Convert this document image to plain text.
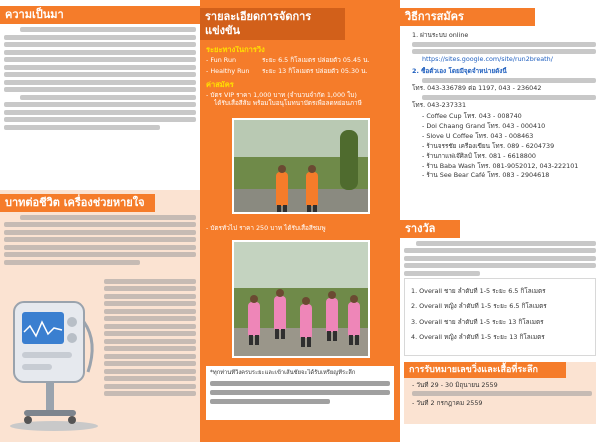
ความเป็นมา
บาทต่อชีวิต เครื่องช่วยหายใจ
รายละเอียดการจัดการแข่งขัน
ระยะทางในการวิ่ง
- Fun Run	ระยะ 6.5 กิโลเมตร ปล่อยตัว 05.45 น.
- Healthy Run ระยะ 13 กิโลเมตร ปล่อยตัว 05.30 น.
ค่าสมัคร
- บัตร VIP ราคา 1,000 บาท (จำนวนจำกัด 1,000 ใบ)
ได้รับเสื้อสีส้ม พร้อมใบอนุโมทนาบัตรเพื่อลดหย่อนภาษี
- บัตรทั่วไป ราคา 250 บาท ได้รับเสื้อสีชมพู
*ทุกท่านที่วิ่งครบระยะและเข้าเส้นชัยจะได้รับเหรียญที่ระลึก
วิธีการสมัคร
1. ผ่านระบบ online
https://sites.google.com/site/run2breath/
2. ซื้อตั๋วเอง โดยมีจุดจำหน่ายดังนี้
โทร. 043-336789 ต่อ 1197, 043 - 236042
โทร. 043-237331
- Coffee Cup โทร. 043 - 008740
- Doi Chaang Grand โทร. 043 - 000410
- Slove U Coffee โทร. 043 - 008463
- ร้านจรรชัย เครื่องเขียน โทร. 089 - 6204739
- ร้านกาแฟเจ๊ศิลป์ โทร. 081 - 6618800
- ร้าน Baba Wash โทร. 081-9052012, 043-222101
- ร้าน See Bear Café โทร. 083 - 2904618
รางวัล
1. Overall ชาย ลำดับที่ 1-5 ระยะ 6.5 กิโลเมตร
2. Overall หญิง ลำดับที่ 1-5 ระยะ 6.5 กิโลเมตร
3. Overall ชาย ลำดับที่ 1-5 ระยะ 13 กิโลเมตร
4. Overall หญิง ลำดับที่ 1-5 ระยะ 13 กิโลเมตร
การรับหมายเลขวิ่งและเสื้อที่ระลึก
- วันที่ 29 - 30 มิถุนายน 2559
- วันที่ 2 กรกฎาคม 2559
